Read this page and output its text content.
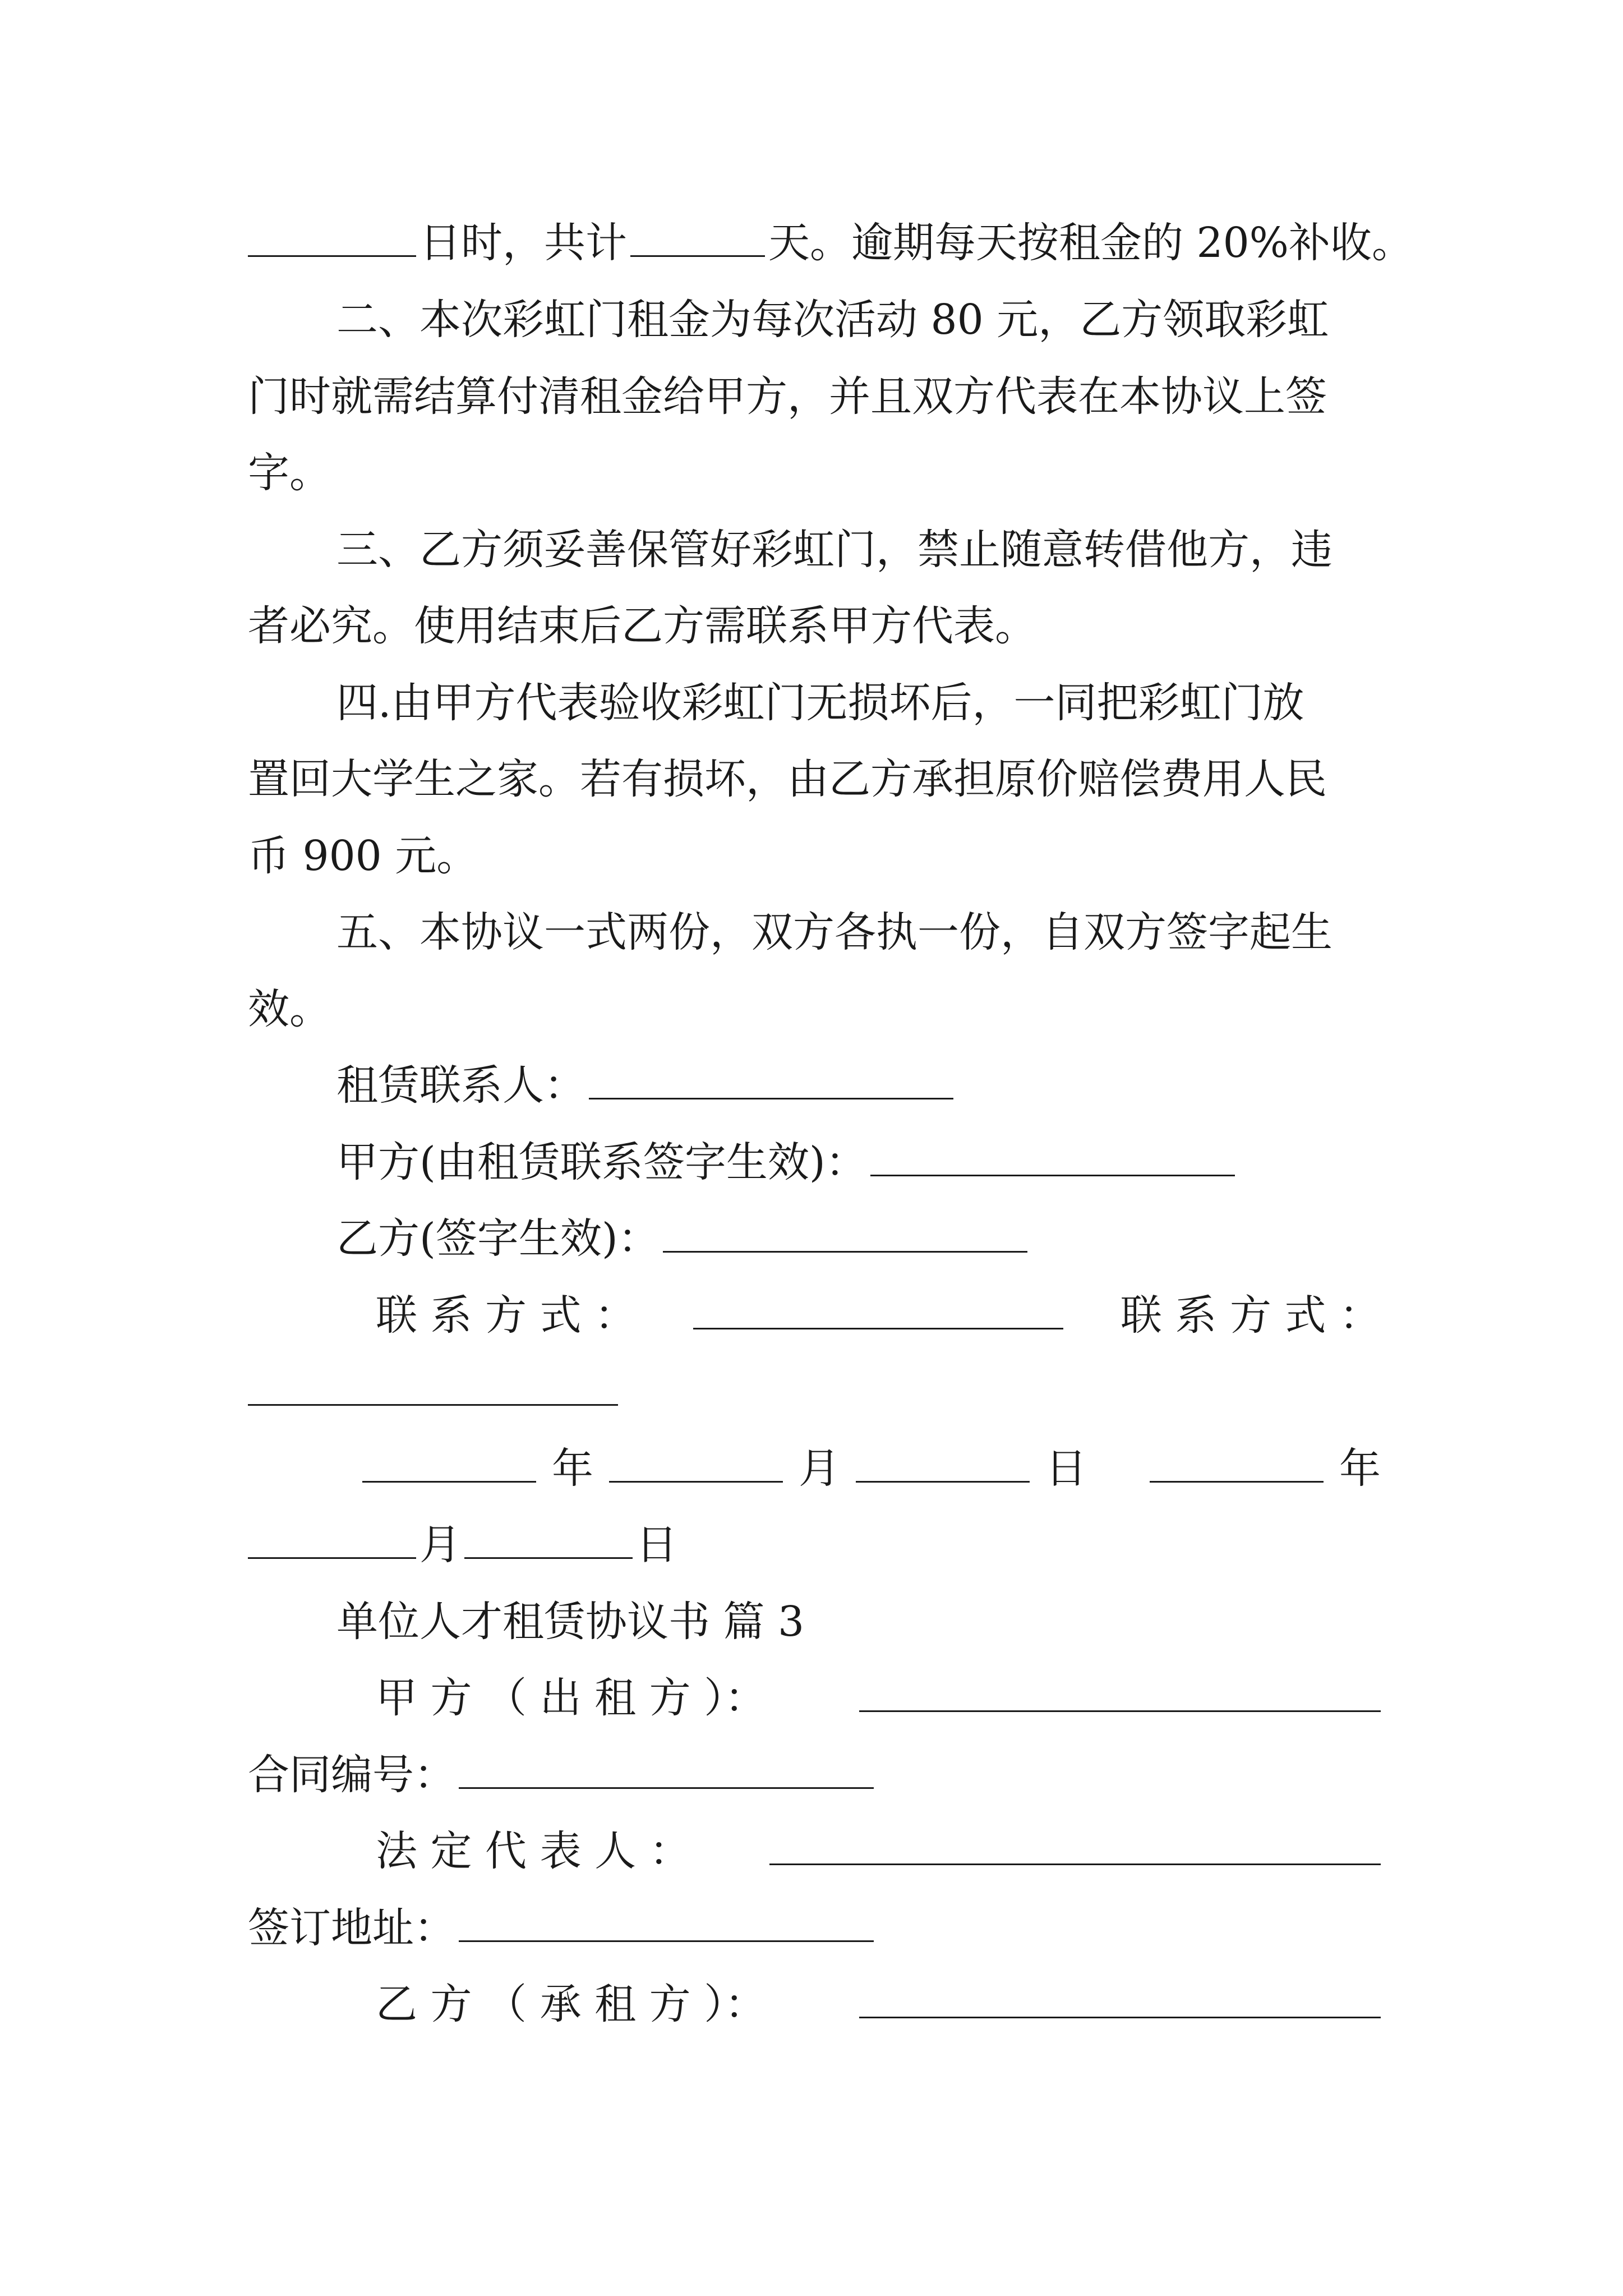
日时，共计	天。逾期每天按租金的 20%补收。
二、本次彩虹门租金为每次活动 80 元，乙方领取彩虹
门时就需结算付清租金给甲方，并且双方代表在本协议上签
字。
三、乙方须妥善保管好彩虹门，禁止随意转借他方，违
者必究。使用结束后乙方需联系甲方代表。
四.由甲方代表验收彩虹门无损坏后，一同把彩虹门放
置回大学生之家。若有损坏，由乙方承担原价赔偿费用人民
币 900 元。
五、本协议一式两份，双方各执一份，自双方签字起生
效。
租赁联系人：
甲方(由租赁联系签字生效)：
乙方(签字生效)：
联 系 方 式 ：	联 系 方 式 ：
年	月	日	年
月	日
单位人才租赁协议书 篇 3
甲 方 （ 出 租 方 ）：
合同编号：
法 定 代 表 人 ：
签订地址：
乙 方 （ 承 租 方 ）：
